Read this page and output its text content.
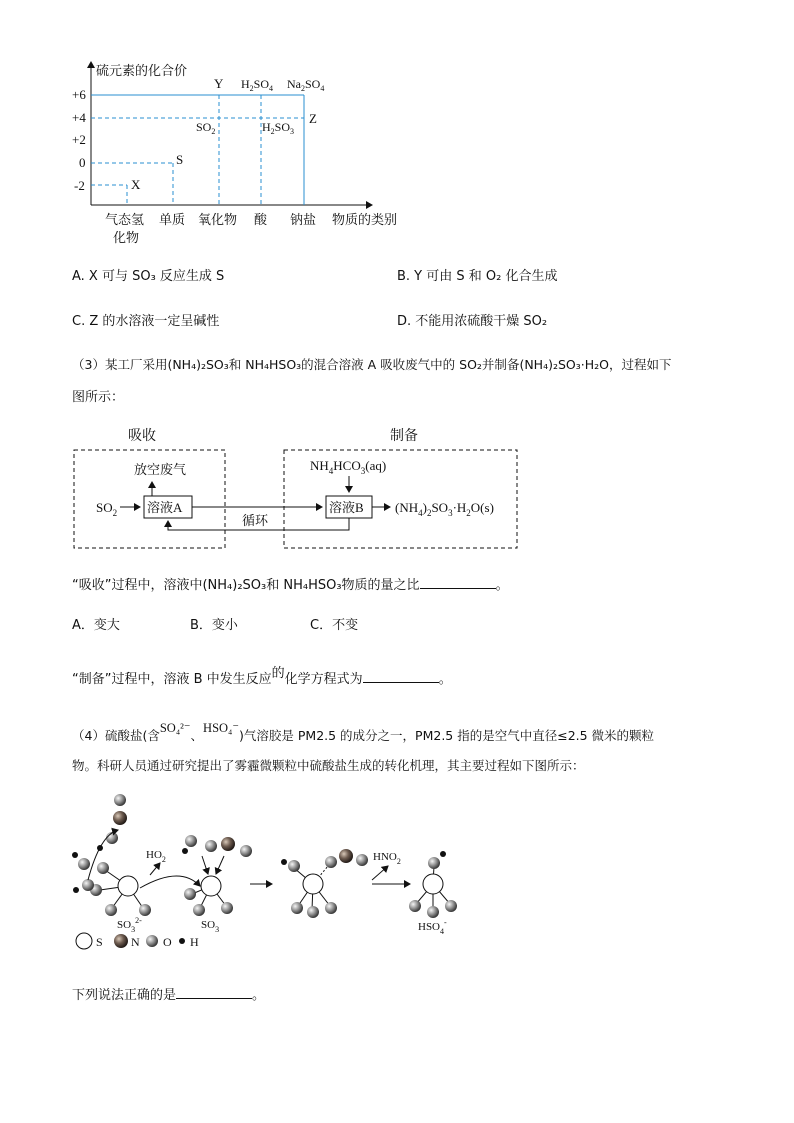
硫元素的化合价
+6
+4
+2
0
-2	X
S
Y
$SO_2$
$H_2SO_4$
$H_2SO_3$
$Na_2SO_4$
Z
气态氢
化物
单质 氧化物 酸 钠盐 物质的类别
A. X 可与 SO₃ 反应生成 S	B. Y 可由 S 和 O₂ 化合生成
C. Z 的水溶液一定呈碱性	D. 不能用浓硫酸干燥 SO₂
（3）某工厂采用(NH₄)₂SO₃和 NH₄HSO₃的混合溶液 A 吸收废气中的 SO₂并制备(NH₄)₂SO₃·H₂O，过程如下
图所示：
吸收	制备
放空废气
$SO_2$ 溶液A
循环
$NH_4HCO_3(aq)$
溶液B $(NH_4)_2SO_3\cdot H_2O(s)$
“吸收”过程中，溶液中(NH₄)₂SO₃和 NH₄HSO₃物质的量之比	。
A．变大	B．变小	C．不变
“制备”过程中，溶液 B 中发生反应的化学方程式为	。
（4）硫酸盐(含SO₄²⁻、HSO₄⁻)气溶胶是 PM2.5 的成分之一，PM2.5 指的是空气中直径≤2.5 微米的颗粒
物。科研人员通过研究提出了雾霾微颗粒中硫酸盐生成的转化机理，其主要过程如下图所示：
$SO_3^{2-}$
$HO_2$
$SO_3$
$HNO_2$
$HSO_4^-$
S N O H
下列说法正确的是	。
